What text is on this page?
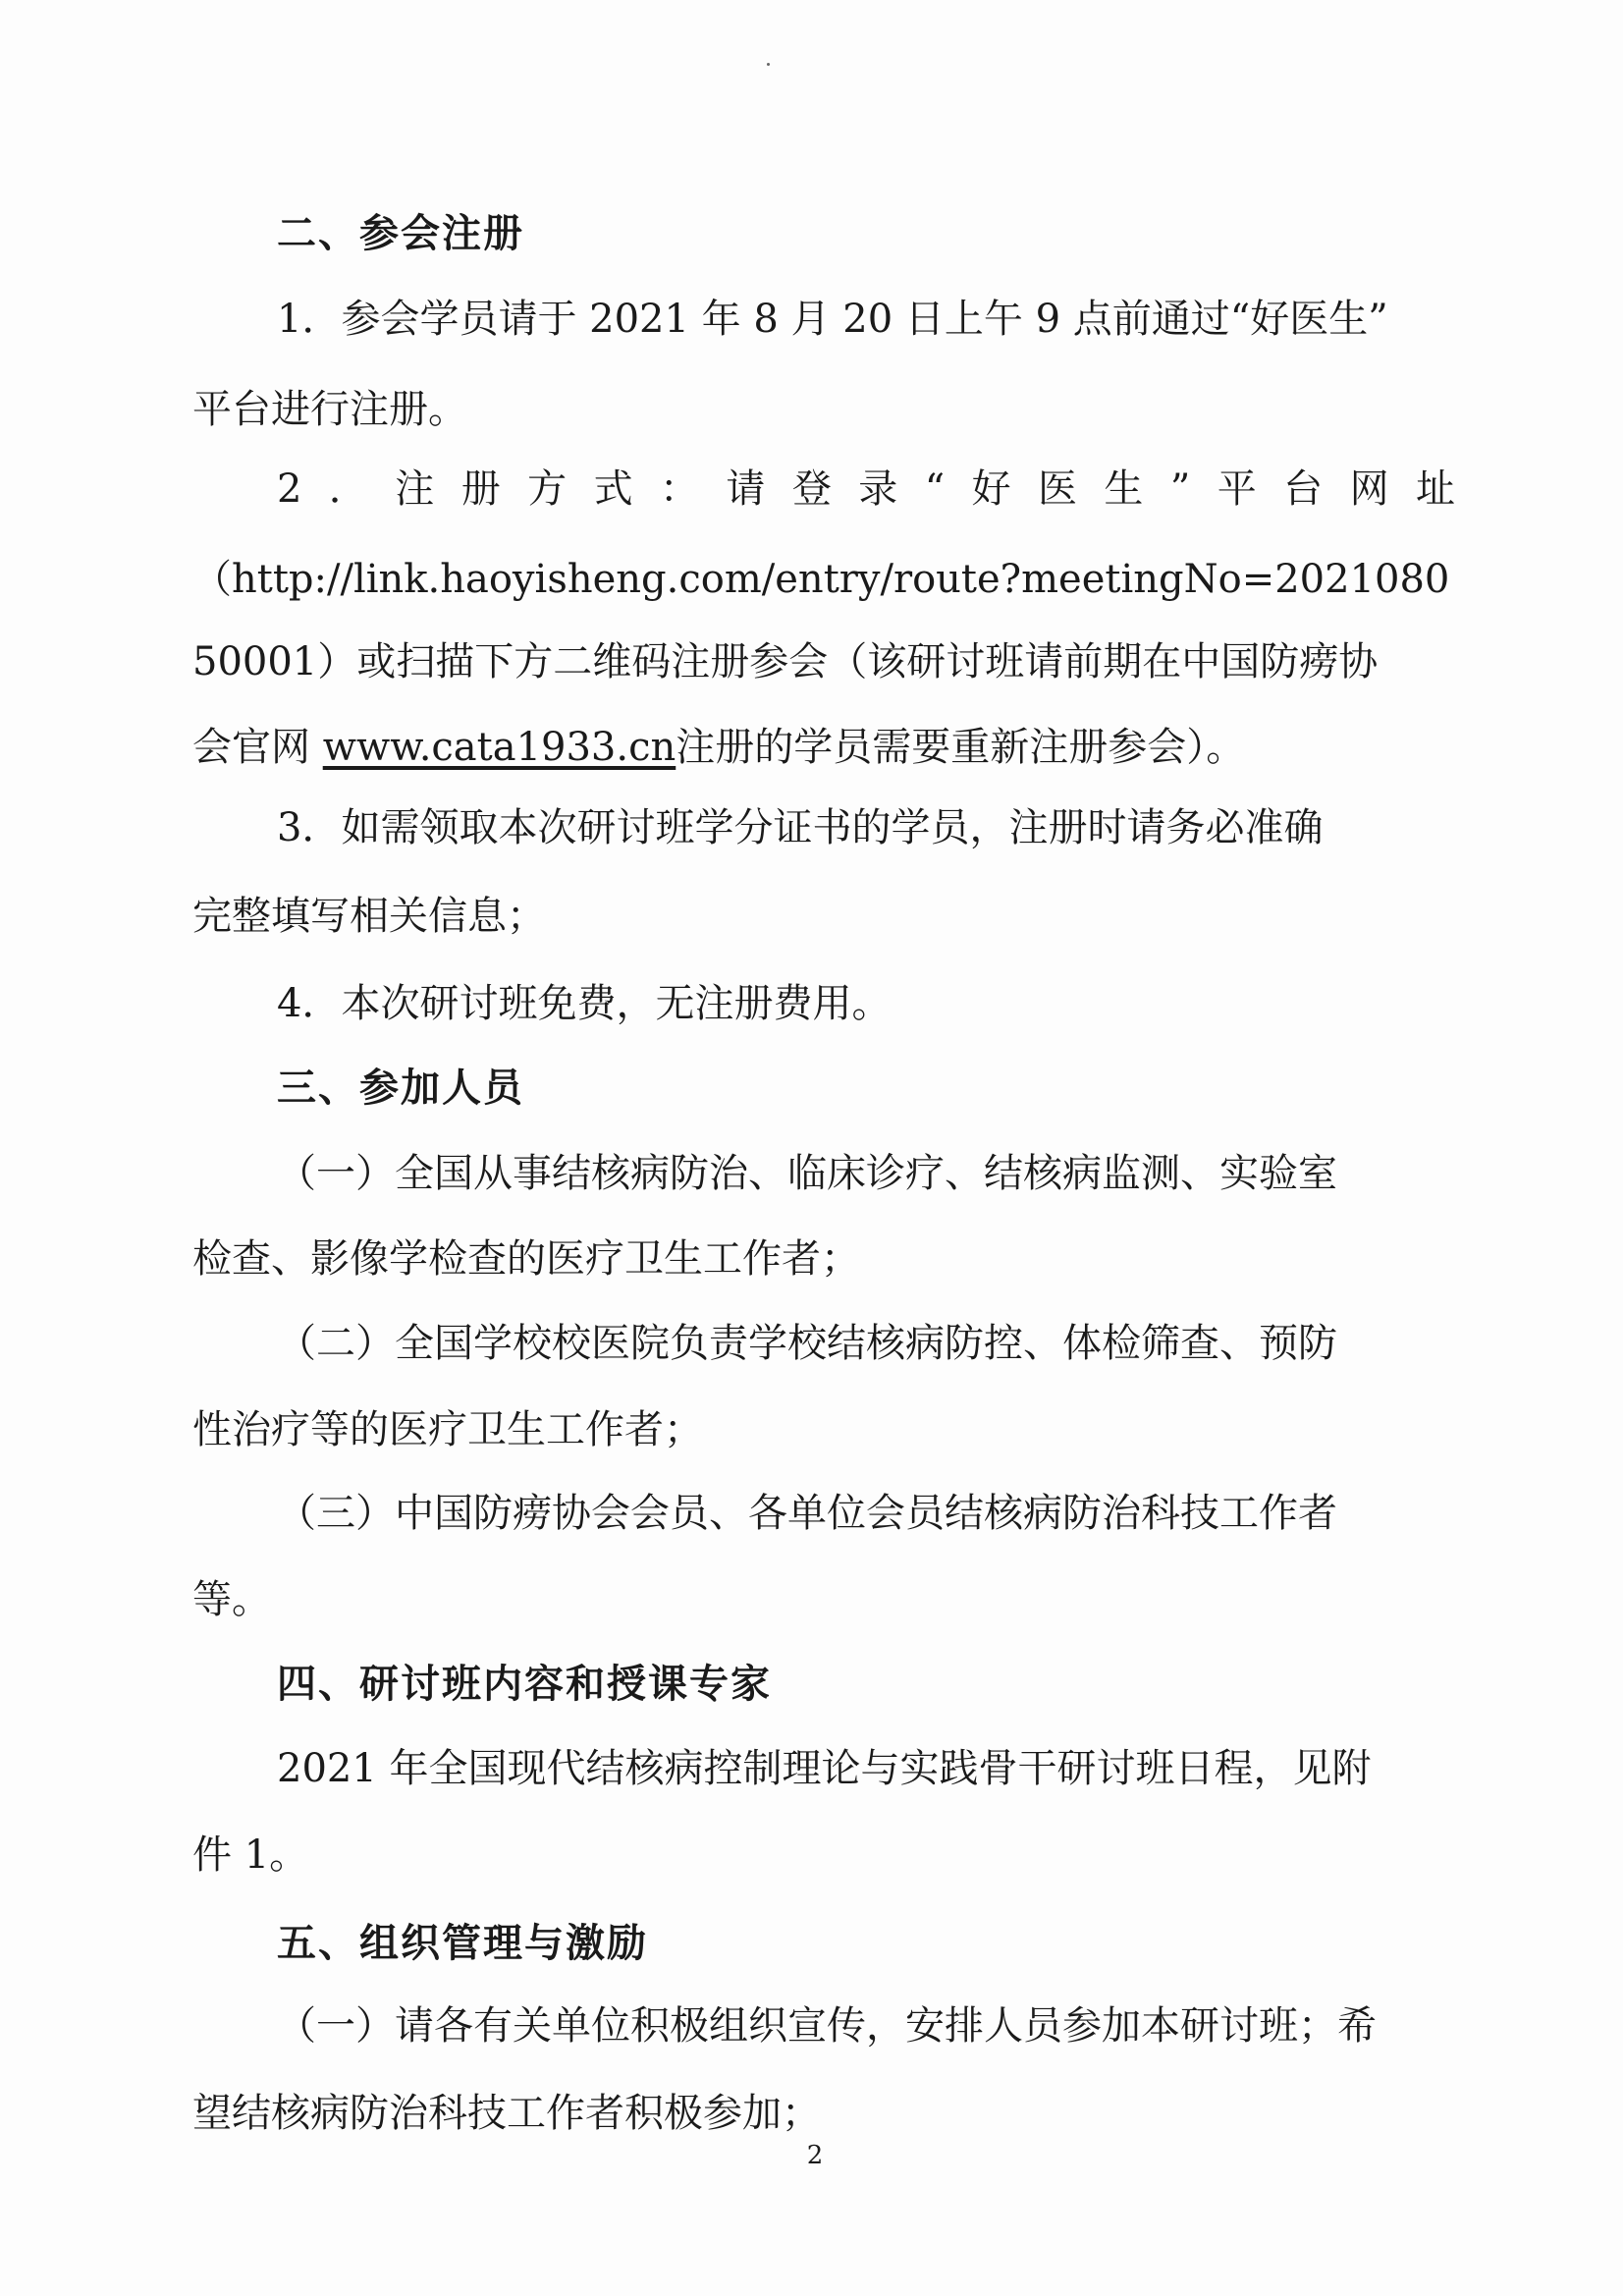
二、参会注册
1．参会学员请于 2021 年 8 月 20 日上午 9 点前通过“好医生”
平台进行注册。
2．注册方式：请登录“好医生”平台网址
（http://link.haoyisheng.com/entry/route?meetingNo=2021080
50001）或扫描下方二维码注册参会（该研讨班请前期在中国防痨协
会官网 www.cata1933.cn注册的学员需要重新注册参会）。
3．如需领取本次研讨班学分证书的学员，注册时请务必准确
完整填写相关信息；
4．本次研讨班免费，无注册费用。
三、参加人员
（一）全国从事结核病防治、临床诊疗、结核病监测、实验室
检查、影像学检查的医疗卫生工作者；
（二）全国学校校医院负责学校结核病防控、体检筛查、预防
性治疗等的医疗卫生工作者；
（三）中国防痨协会会员、各单位会员结核病防治科技工作者
等。
四、研讨班内容和授课专家
2021 年全国现代结核病控制理论与实践骨干研讨班日程，见附
件 1。
五、组织管理与激励
（一）请各有关单位积极组织宣传，安排人员参加本研讨班；希
望结核病防治科技工作者积极参加；
2
